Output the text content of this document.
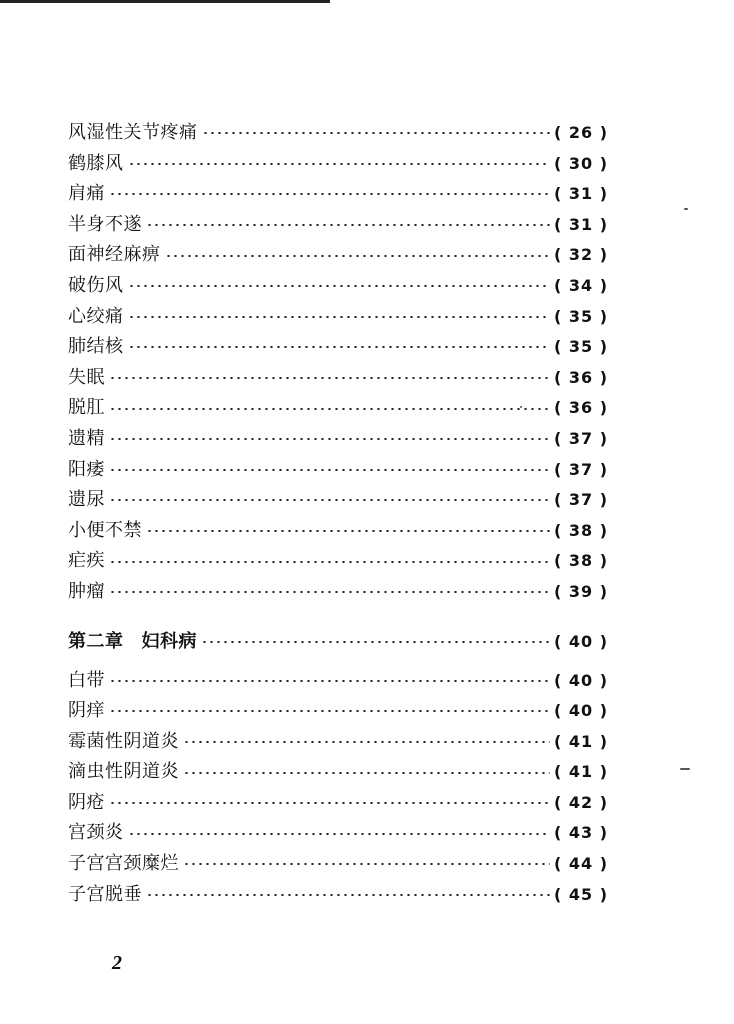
风湿性关节疼痛	( 26 )
鹤膝风	( 30 )
肩痛	( 31 )
半身不遂	( 31 )
面神经麻痹	( 32 )
破伤风	( 34 )
心绞痛	( 35 )
肺结核	( 35 )
失眠	( 36 )
脱肛	( 36 )
遗精	( 37 )
阳痿	( 37 )
遗尿	( 37 )
小便不禁	( 38 )
疟疾	( 38 )
肿瘤	( 39 )
第二章 妇科病	( 40 )
白带	( 40 )
阴痒	( 40 )
霉菌性阴道炎	( 41 )
滴虫性阴道炎	( 41 )
阴疮	( 42 )
宫颈炎	( 43 )
子宫宫颈糜烂	( 44 )
子宫脱垂	( 45 )
2
